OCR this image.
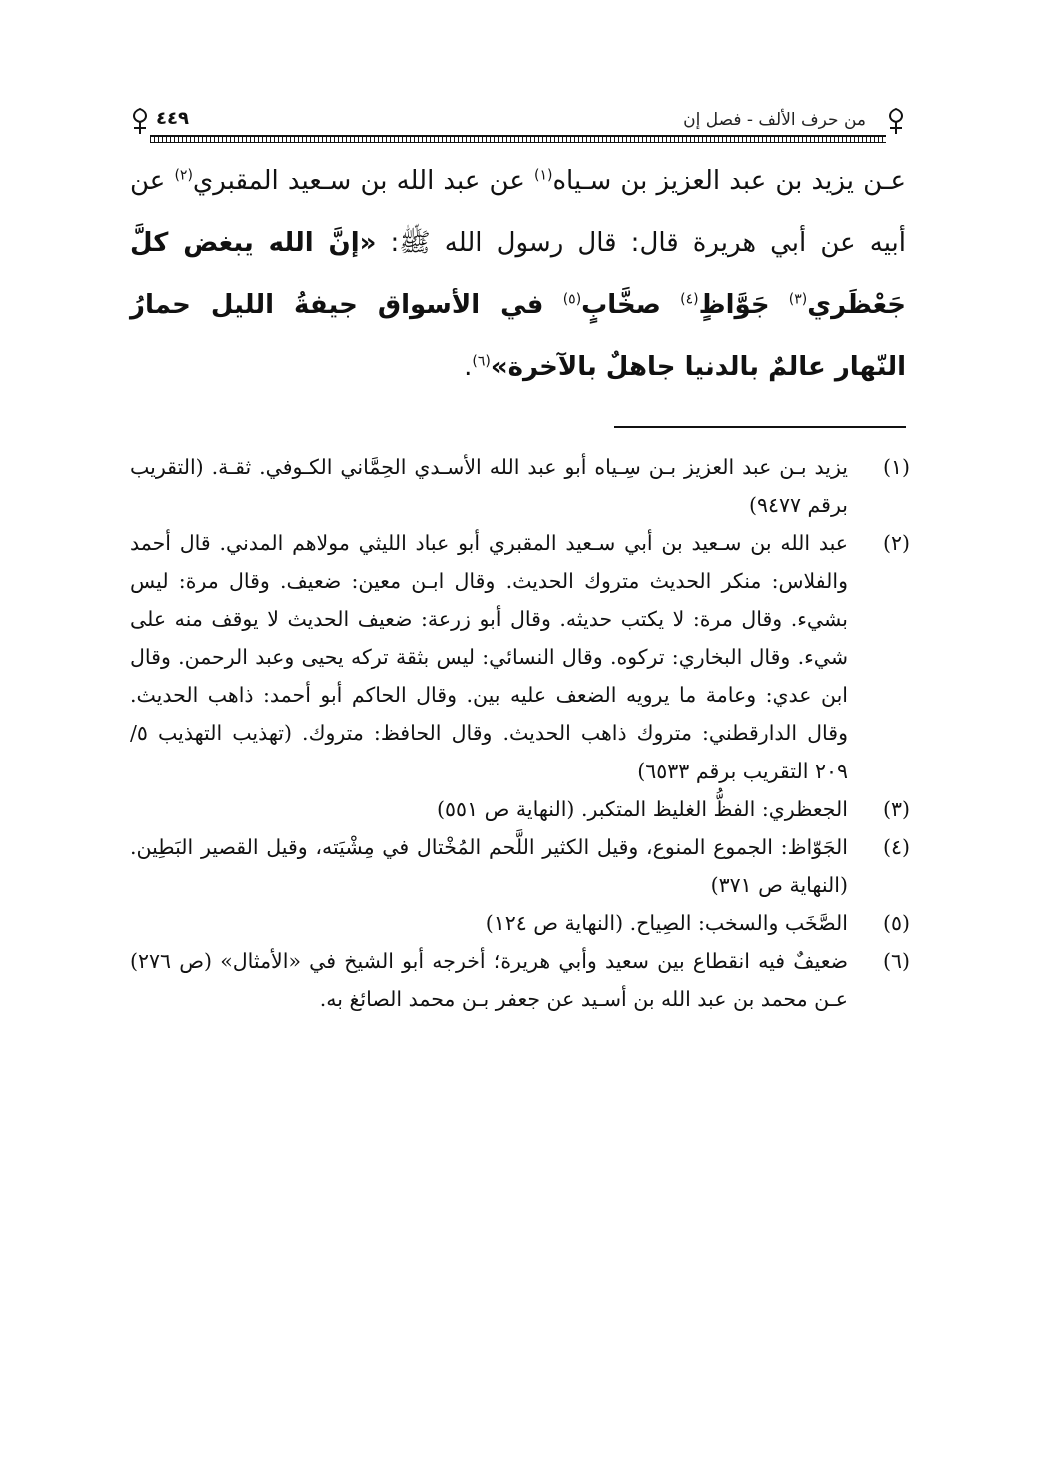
٤٤٩	من حرف الألف - فصل إن
عـن يزيد بن عبد العزيز بن سـياه$^{(١)}$ عن عبد الله بن سـعيد المقبري$^{(٢)}$ عن أبيه عن أبي هريرة قال: قال رسول الله ﷺ: «إنَّ الله يبغض كلَّ جَعْظَري$^{(٣)}$ جَوَّاظٍ$^{(٤)}$ صخَّابٍ$^{(٥)}$ في الأسواق جيفةُ الليل حمارُ النّهار عالمٌ بالدنيا جاهلٌ بالآخرة»$^{(٦)}$.
(١)
يزيد بـن عبد العزيز بـن سِـياه أبو عبد الله الأسـدي الحِمَّاني الكـوفي. ثقـة. (التقريب برقم ٩٤٧٧)
(٢)
عبد الله بن سـعيد بن أبي سـعيد المقبري أبو عباد الليثي مولاهم المدني. قال أحمد والفلاس: منكر الحديث متروك الحديث. وقال ابـن معين: ضعيف. وقال مرة: ليس بشيء. وقال مرة: لا يكتب حديثه. وقال أبو زرعة: ضعيف الحديث لا يوقف منه على شيء. وقال البخاري: تركوه. وقال النسائي: ليس بثقة تركه يحيى وعبد الرحمن. وقال ابن عدي: وعامة ما يرويه الضعف عليه بين. وقال الحاكم أبو أحمد: ذاهب الحديث. وقال الدارقطني: متروك ذاهب الحديث. وقال الحافظ: متروك. (تهذيب التهذيب ٥/ ٢٠٩ التقريب برقم ٦٥٣٣)
(٣)
الجعظري: الفظُّ الغليظ المتكبر. (النهاية ص ٥٥١)
(٤)
الجَوّاظ: الجموع المنوع، وقيل الكثير اللَّحم المُخْتال في مِشْيَته، وقيل القصير البَطِين. (النهاية ص ٣٧١)
(٥)
الصَّخَب والسخب: الصِياح. (النهاية ص ١٢٤)
(٦)
ضعيفٌ فيه انقطاع بين سعيد وأبي هريرة؛ أخرجه أبو الشيخ في «الأمثال» (ص ٢٧٦) عـن محمد بن عبد الله بن أسـيد عن جعفر بـن محمد الصائغ به.
